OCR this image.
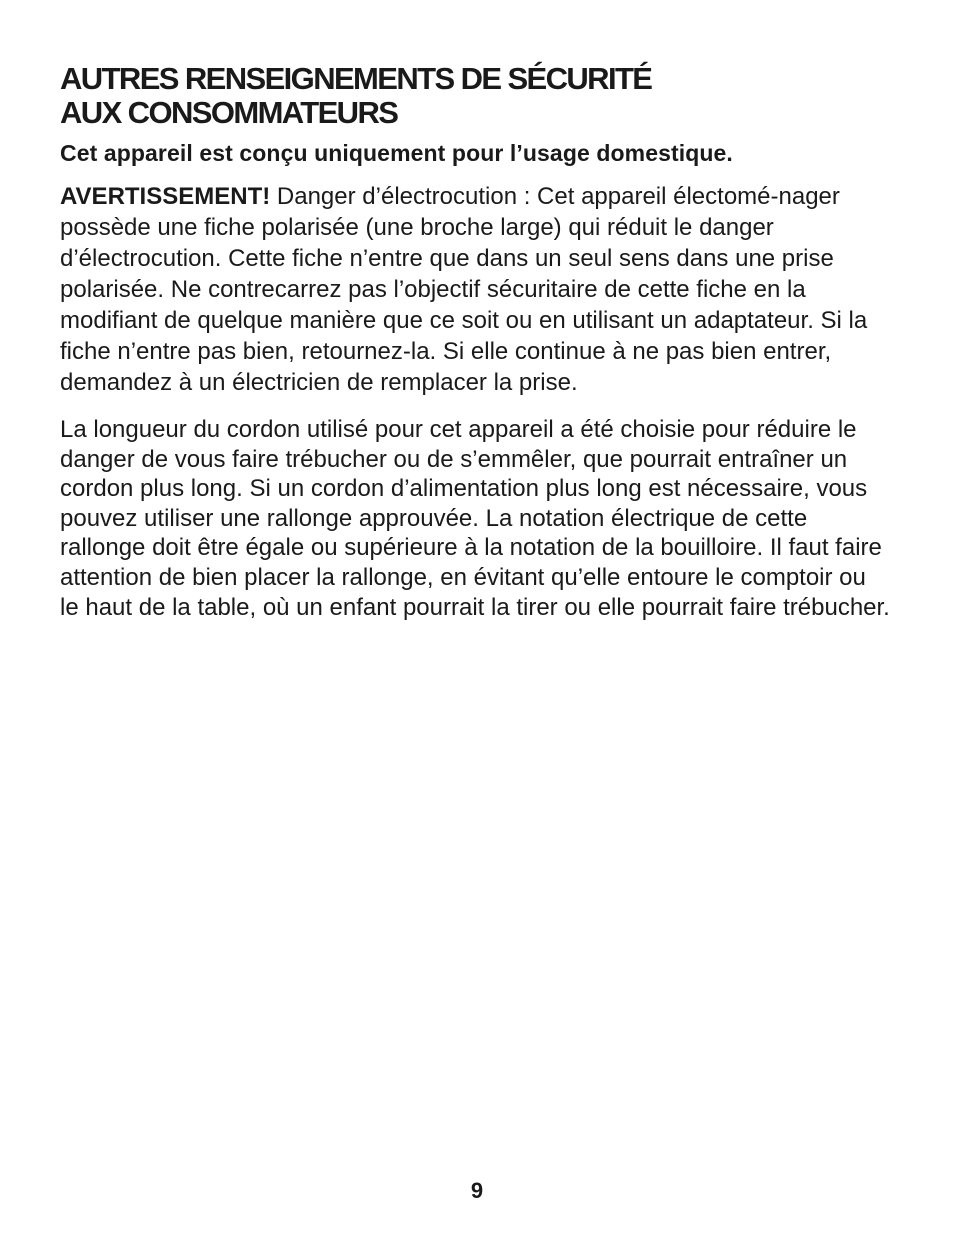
AUTRES RENSEIGNEMENTS DE SÉCURITÉ
AUX CONSOMMATEURS

Cet appareil est conçu uniquement pour l’usage domestique.

AVERTISSEMENT! Danger d’électrocution : Cet appareil électomé-nager possède une fiche polarisée (une broche large) qui réduit le danger d’électrocution. Cette fiche n’entre que dans un seul sens dans une prise polarisée. Ne contrecarrez pas l’objectif sécuritaire de cette fiche en la modifiant de quelque manière que ce soit ou en utilisant un adaptateur. Si la fiche n’entre pas bien, retournez-la. Si elle continue à ne pas bien entrer, demandez à un électricien de remplacer la prise.

La longueur du cordon utilisé pour cet appareil a été choisie pour réduire le danger de vous faire trébucher ou de s’emmêler, que pourrait entraîner un cordon plus long. Si un cordon d’alimentation plus long est nécessaire, vous pouvez utiliser une rallonge approuvée. La notation électrique de cette rallonge doit être égale ou supérieure à la notation de la bouilloire. Il faut faire attention de bien placer la rallonge, en évitant qu’elle entoure le comptoir ou le haut de la table, où un enfant pourrait la tirer ou elle pourrait faire trébucher.

9
